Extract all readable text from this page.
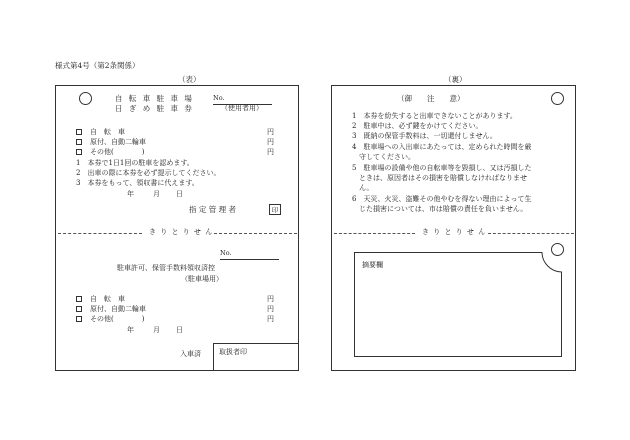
様式第4号（第2条関係）
（表）
自 転 車 駐 車 場	No.
日 ぎ め 駐 車 券	（使用者用）
自　転　車	円
原付、自動二輪車	円
その他(　　　　)	円
1　本券で1日1回の駐車を認めます。
2　出車の際に本券を必ず提示してください。
3　本券をもって、領収書に代えます。
年	月 日
指 定 管 理 者	印
き り と り せ ん
No.
駐車許可、保管手数料領収済控
（駐車場用）
自　転　車	円
原付、自動二輪車	円
その他(　　　　)	円
年	月 日
入車済	取扱者印
（裏）
（御　　注　　意）
1　本券を紛失すると出車できないことがあります。
2　駐車中は、必ず鍵をかけてください。
3　既納の保管手数料は、一切還付しません。
4　駐車場への入出車にあたっては、定められた時間を厳
　守してください。
5　駐車場の設備や他の自転車等を毀損し、又は汚損した
　ときは、原因者はその損害を賠償しなければなりませ
　ん。
6　天災、火災、盗難その他やむを得ない理由によって生
　じた損害については、市は賠償の責任を負いません。
き り と り せ ん
摘要欄
